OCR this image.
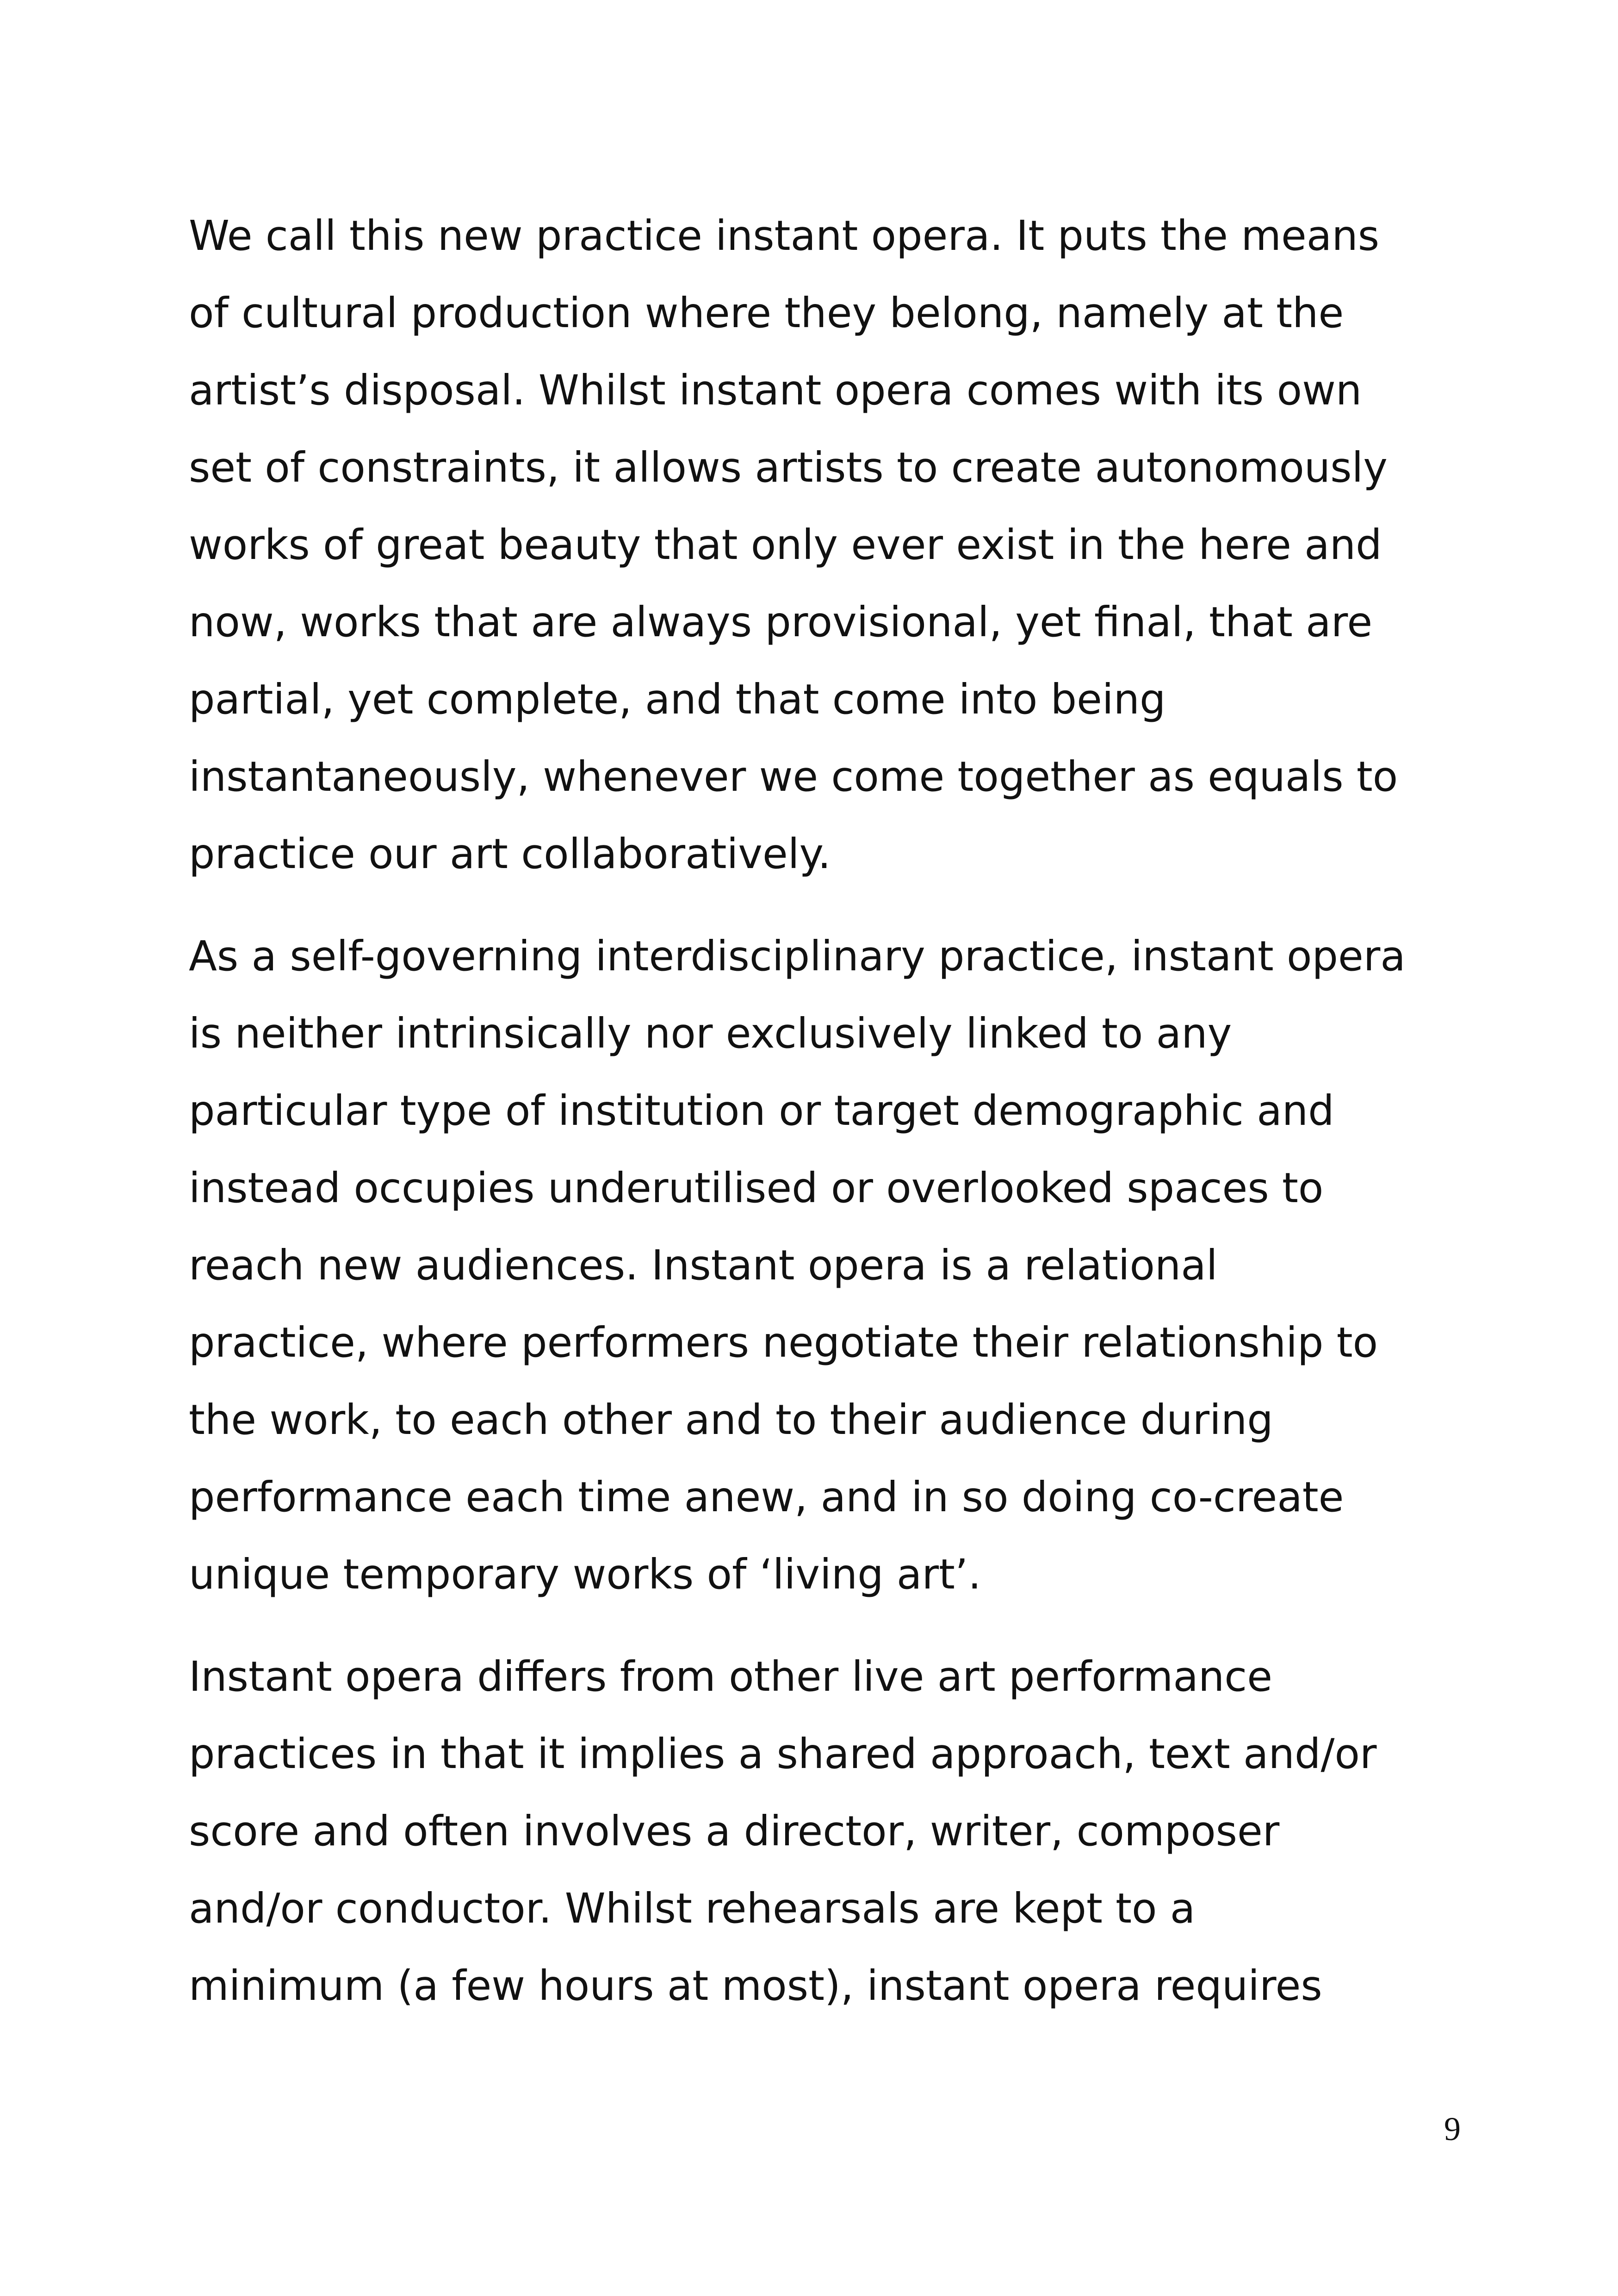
We call this new practice instant opera. It puts the means
of cultural production where they belong, namely at the
artist’s disposal. Whilst instant opera comes with its own
set of constraints, it allows artists to create autonomously
works of great beauty that only ever exist in the here and
now, works that are always provisional, yet final, that are
partial, yet complete, and that come into being
instantaneously, whenever we come together as equals to
practice our art collaboratively.

As a self-governing interdisciplinary practice, instant opera
is neither intrinsically nor exclusively linked to any
particular type of institution or target demographic and
instead occupies underutilised or overlooked spaces to
reach new audiences. Instant opera is a relational
practice, where performers negotiate their relationship to
the work, to each other and to their audience during
performance each time anew, and in so doing co-create
unique temporary works of ‘living art’.

Instant opera differs from other live art performance
practices in that it implies a shared approach, text and/or
score and often involves a director, writer, composer
and/or conductor. Whilst rehearsals are kept to a
minimum (a few hours at most), instant opera requires

9
